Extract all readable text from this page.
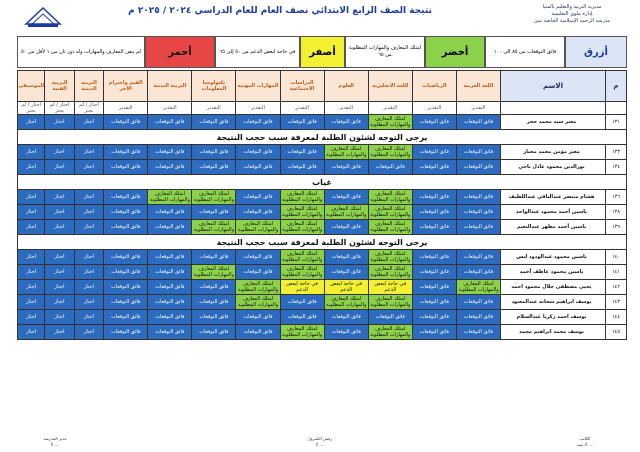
مديرية التربية والتعليم بالمنيا
إدارة ملوي التعليمية
مدرسة الرحمة الإسلامية الخاصة بنين
نتيجة الصف الرابع الابتدائي نصف العام للعام الدراسي ٢٠٢٤ / ٢٠٢٥ م
أزرق
فائق التوقعات من ٨٥ الى ١٠٠
أخضر
امتلك المعارف والمهارات المطلوبة من ٦٥
أصفر
في حاجة لبعض الدعم من ٥٠ إلى ٦٥
أحمر
لم يتقن المعارف والمهارات وله دور ثان من ١ لأقل من ٥٠
م	الاسم	اللغة العربية	الرياضيات	اللغة الانجليزية	العلوم	الدراسات الاجتماعية	المهارات المهنية	تكنولوجيا المعلومات	التربية البدنية	القيم واحترام الآخر	التربية الدينية	التربية الفنية	الموسيقى
		التقدير	التقدير	التقدير	التقدير	التقدير	التقدير	التقدير	التقدير	التقدير	أجتاز / لم يجتز	أجتاز / لم يجتز	أجتاز / لم يجتز
١٣١	معتز سيد محمد حجر	فائق التوقعات	فائق التوقعات	امتلك المعارف والمهارات المطلوبة	فائق التوقعات	فائق التوقعات	فائق التوقعات	فائق التوقعات	فائق التوقعات	فائق التوقعات	اجتاز	اجتاز	اجتاز
يرجى التوجه لشئون الطلبة لمعرفة سبب حجب النتيجة													
١٣٣	معتز مؤمن محمد مختار	فائق التوقعات	فائق التوقعات	امتلك المعارف والمهارات المطلوبة	امتلك المعارف والمهارات المطلوبة	فائق التوقعات	فائق التوقعات	فائق التوقعات	فائق التوقعات	فائق التوقعات	اجتاز	اجتاز	اجتاز
١٣٤	نورالدين محمود عادل ناجي	فائق التوقعات	فائق التوقعات	فائق التوقعات	فائق التوقعات	فائق التوقعات	فائق التوقعات	فائق التوقعات	فائق التوقعات	فائق التوقعات	اجتاز	اجتاز	اجتاز
غياب													
١٣٦	هشام منتصر عبدالباقي عبداللطيف	فائق التوقعات	فائق التوقعات	امتلك المعارف والمهارات المطلوبة	فائق التوقعات	امتلك المعارف والمهارات المطلوبة	فائق التوقعات	امتلك المعارف والمهارات المطلوبة	امتلك المعارف والمهارات المطلوبة	فائق التوقعات	اجتاز	اجتاز	اجتاز
١٣٨	ياسين أحمد محمود عبدالواحد	فائق التوقعات	فائق التوقعات	امتلك المعارف والمهارات المطلوبة	امتلك المعارف والمهارات المطلوبة	امتلك المعارف والمهارات المطلوبة	فائق التوقعات	فائق التوقعات	فائق التوقعات	فائق التوقعات	اجتاز	اجتاز	اجتاز
١٣٩	ياسين أحمد مظهر عبدالنعيم	فائق التوقعات	فائق التوقعات	امتلك المعارف والمهارات المطلوبة	فائق التوقعات	امتلك المعارف والمهارات المطلوبة	امتلك المعارف والمهارات المطلوبة	امتلك المعارف والمهارات المطلوبة	فائق التوقعات	فائق التوقعات	اجتاز	اجتاز	اجتاز
يرجى التوجه لشئون الطلبة لمعرفة سبب حجب النتيجة													
١٤٠	ياسين محمود عبدالودود لبس	فائق التوقعات	فائق التوقعات	امتلك المعارف والمهارات المطلوبة	فائق التوقعات	امتلك المعارف والمهارات المطلوبة	فائق التوقعات	فائق التوقعات	فائق التوقعات	فائق التوقعات	اجتاز	اجتاز	اجتاز
١٤١	ياسين محمود عاطف أحمد	فائق التوقعات	فائق التوقعات	امتلك المعارف والمهارات المطلوبة	فائق التوقعات	امتلك المعارف والمهارات المطلوبة	فائق التوقعات	امتلك المعارف والمهارات المطلوبة	فائق التوقعات	فائق التوقعات	اجتاز	اجتاز	اجتاز
١٤٢	يحيى مصطفى جلال محمود احمد	امتلك المعارف والمهارات المطلوبة	فائق التوقعات	في حاجة لبعض الدعم	في حاجة لبعض الدعم	في حاجة لبعض الدعم	امتلك المعارف والمهارات المطلوبة	فائق التوقعات	فائق التوقعات	فائق التوقعات	اجتاز	اجتاز	اجتاز
١٤٣	يوسف ابراهيم شحاته عبدالمعبود	فائق التوقعات	فائق التوقعات	امتلك المعارف والمهارات المطلوبة	امتلك المعارف والمهارات المطلوبة	فائق التوقعات	امتلك المعارف والمهارات المطلوبة	فائق التوقعات	فائق التوقعات	فائق التوقعات	اجتاز	اجتاز	اجتاز
١٤٤	يوسف احمد زكريا عبدالسلام	فائق التوقعات	فائق التوقعات	فائق التوقعات	فائق التوقعات	فائق التوقعات	فائق التوقعات	فائق التوقعات	فائق التوقعات	فائق التوقعات	اجتاز	اجتاز	اجتاز
١٤٥	يوسف محمد ابراهيم محمد	فائق التوقعات	فائق التوقعات	امتلك المعارف والمهارات المطلوبة	فائق التوقعات	امتلك المعارف والمهارات المطلوبة	فائق التوقعات	فائق التوقعات	فائق التوقعات	فائق التوقعات	اجتاز	اجتاز	اجتاز
الكاتب
أ/ سيد ....
رئيس الكنترول
أ/ ....
مدير المدرسة
أ/ ....
